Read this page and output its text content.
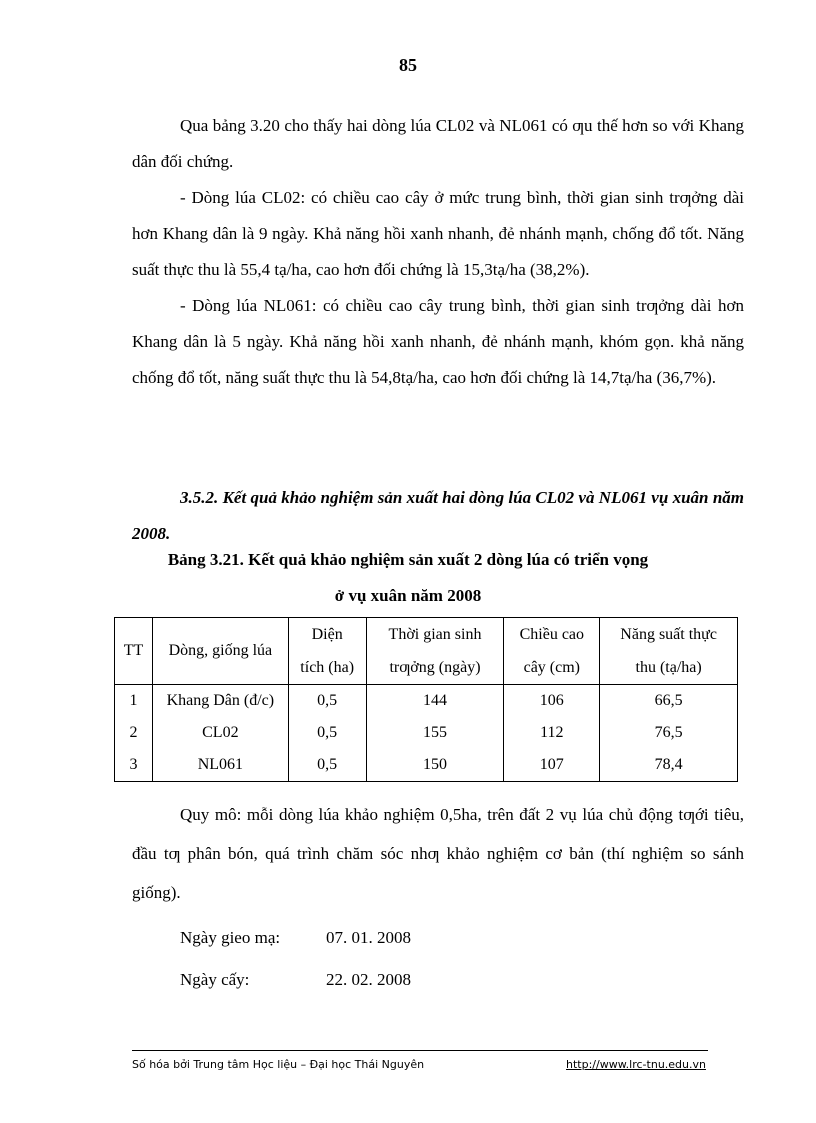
85

Qua bảng 3.20 cho thấy hai dòng lúa CL02 và NL061 có ƣu thế hơn so với Khang dân đối chứng.

- Dòng lúa CL02: có chiều cao cây ở mức trung bình, thời gian sinh trƣởng dài hơn Khang dân là 9 ngày. Khả năng hồi xanh nhanh, đẻ nhánh mạnh, chống đổ tốt. Năng suất thực thu là 55,4 tạ/ha, cao hơn đối chứng là 15,3tạ/ha (38,2%).

- Dòng lúa NL061: có chiều cao cây trung bình, thời gian sinh trƣởng dài hơn Khang dân là 5 ngày. Khả năng hồi xanh nhanh, đẻ nhánh mạnh, khóm gọn. khả năng chống đổ tốt, năng suất thực thu là 54,8tạ/ha, cao hơn đối chứng là 14,7tạ/ha (36,7%).

3.5.2. Kết quả khảo nghiệm sản xuất hai dòng lúa CL02 và NL061 vụ xuân năm 2008.

Bảng 3.21. Kết quả khảo nghiệm sản xuất 2 dòng lúa có triển vọng

ở vụ xuân năm 2008

TT	Dòng, giống lúa	Diện	Thời gian sinh	Chiều cao	Năng suất thực
		tích (ha)	trƣởng (ngày)	cây (cm)	thu (tạ/ha)
1	Khang Dân (đ/c)	0,5	144	106	66,5
2	CL02	0,5	155	112	76,5
3	NL061	0,5	150	107	78,4

Quy mô: mỗi dòng lúa khảo nghiệm 0,5ha, trên đất 2 vụ lúa chủ động tƣới tiêu, đầu tƣ phân bón, quá trình chăm sóc nhƣ khảo nghiệm cơ bản (thí nghiệm so sánh giống).

Ngày gieo mạ:	07. 01. 2008
Ngày cấy:	22. 02. 2008
Số hóa bởi Trung tâm Học liệu – Đại học Thái Nguyên	http://www.lrc-tnu.edu.vn
